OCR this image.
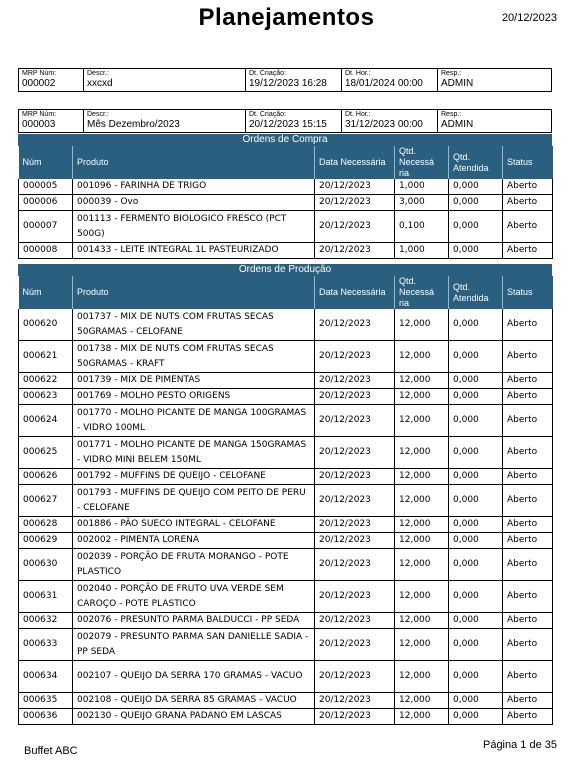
Planejamentos	20/12/2023
MRP Núm:
000002
Descr.:
xxcxd
Dt. Criação:
19/12/2023 16:28
Dt. Hor.:
18/01/2024 00:00
Resp.:
ADMIN
MRP Núm:
000003
Descr.:
Mês Dezembro/2023
Dt. Criação:
20/12/2023 15:15
Dt. Hor.:
31/12/2023 00:00
Resp.:
ADMIN
Ordens de Compra
Núm	Produto	Data Necessária	Qtd. Necessá ria	Qtd. Atendida	Status
000005	001096 - FARINHA DE TRIGO	20/12/2023	1,000	0,000	Aberto
000006	000039 - Ovo	20/12/2023	3,000	0,000	Aberto
000007	001113 - FERMENTO BIOLOGICO FRESCO (PCT 500G)	20/12/2023	0,100	0,000	Aberto
000008	001433 - LEITE INTEGRAL 1L PASTEURIZADO	20/12/2023	1,000	0,000	Aberto
Ordens de Produção
Núm	Produto	Data Necessária	Qtd. Necessá ria	Qtd. Atendida	Status
000620	001737 - MIX DE NUTS COM FRUTAS SECAS 50GRAMAS - CELOFANE	20/12/2023	12,000	0,000	Aberto
000621	001738 - MIX DE NUTS COM FRUTAS SECAS 50GRAMAS - KRAFT	20/12/2023	12,000	0,000	Aberto
000622	001739 - MIX DE PIMENTAS	20/12/2023	12,000	0,000	Aberto
000623	001769 - MOLHO PESTO ORIGENS	20/12/2023	12,000	0,000	Aberto
000624	001770 - MOLHO PICANTE DE MANGA 100GRAMAS - VIDRO 100ML	20/12/2023	12,000	0,000	Aberto
000625	001771 - MOLHO PICANTE DE MANGA 150GRAMAS - VIDRO MINI BELEM 150ML	20/12/2023	12,000	0,000	Aberto
000626	001792 - MUFFINS DE QUEIJO - CELOFANE	20/12/2023	12,000	0,000	Aberto
000627	001793 - MUFFINS DE QUEIJO COM PEITO DE PERU - CELOFANE	20/12/2023	12,000	0,000	Aberto
000628	001886 - PÃO SUECO INTEGRAL - CELOFANE	20/12/2023	12,000	0,000	Aberto
000629	002002 - PIMENTA LORENA	20/12/2023	12,000	0,000	Aberto
000630	002039 - PORÇÃO DE FRUTA MORANGO - POTE PLASTICO	20/12/2023	12,000	0,000	Aberto
000631	002040 - PORÇÃO DE FRUTO UVA VERDE SEM CAROÇO - POTE PLASTICO	20/12/2023	12,000	0,000	Aberto
000632	002076 - PRESUNTO PARMA BALDUCCI - PP SEDA	20/12/2023	12,000	0,000	Aberto
000633	002079 - PRESUNTO PARMA SAN DANIELLE SADIA - PP SEDA	20/12/2023	12,000	0,000	Aberto
000634	002107 - QUEIJO DA SERRA 170 GRAMAS - VACUO	20/12/2023	12,000	0,000	Aberto
000635	002108 - QUEIJO DA SERRA 85 GRAMAS - VACUO	20/12/2023	12,000	0,000	Aberto
000636	002130 - QUEIJO GRANA PADANO EM LASCAS	20/12/2023	12,000	0,000	Aberto
Buffet ABC	Página 1 de 35
